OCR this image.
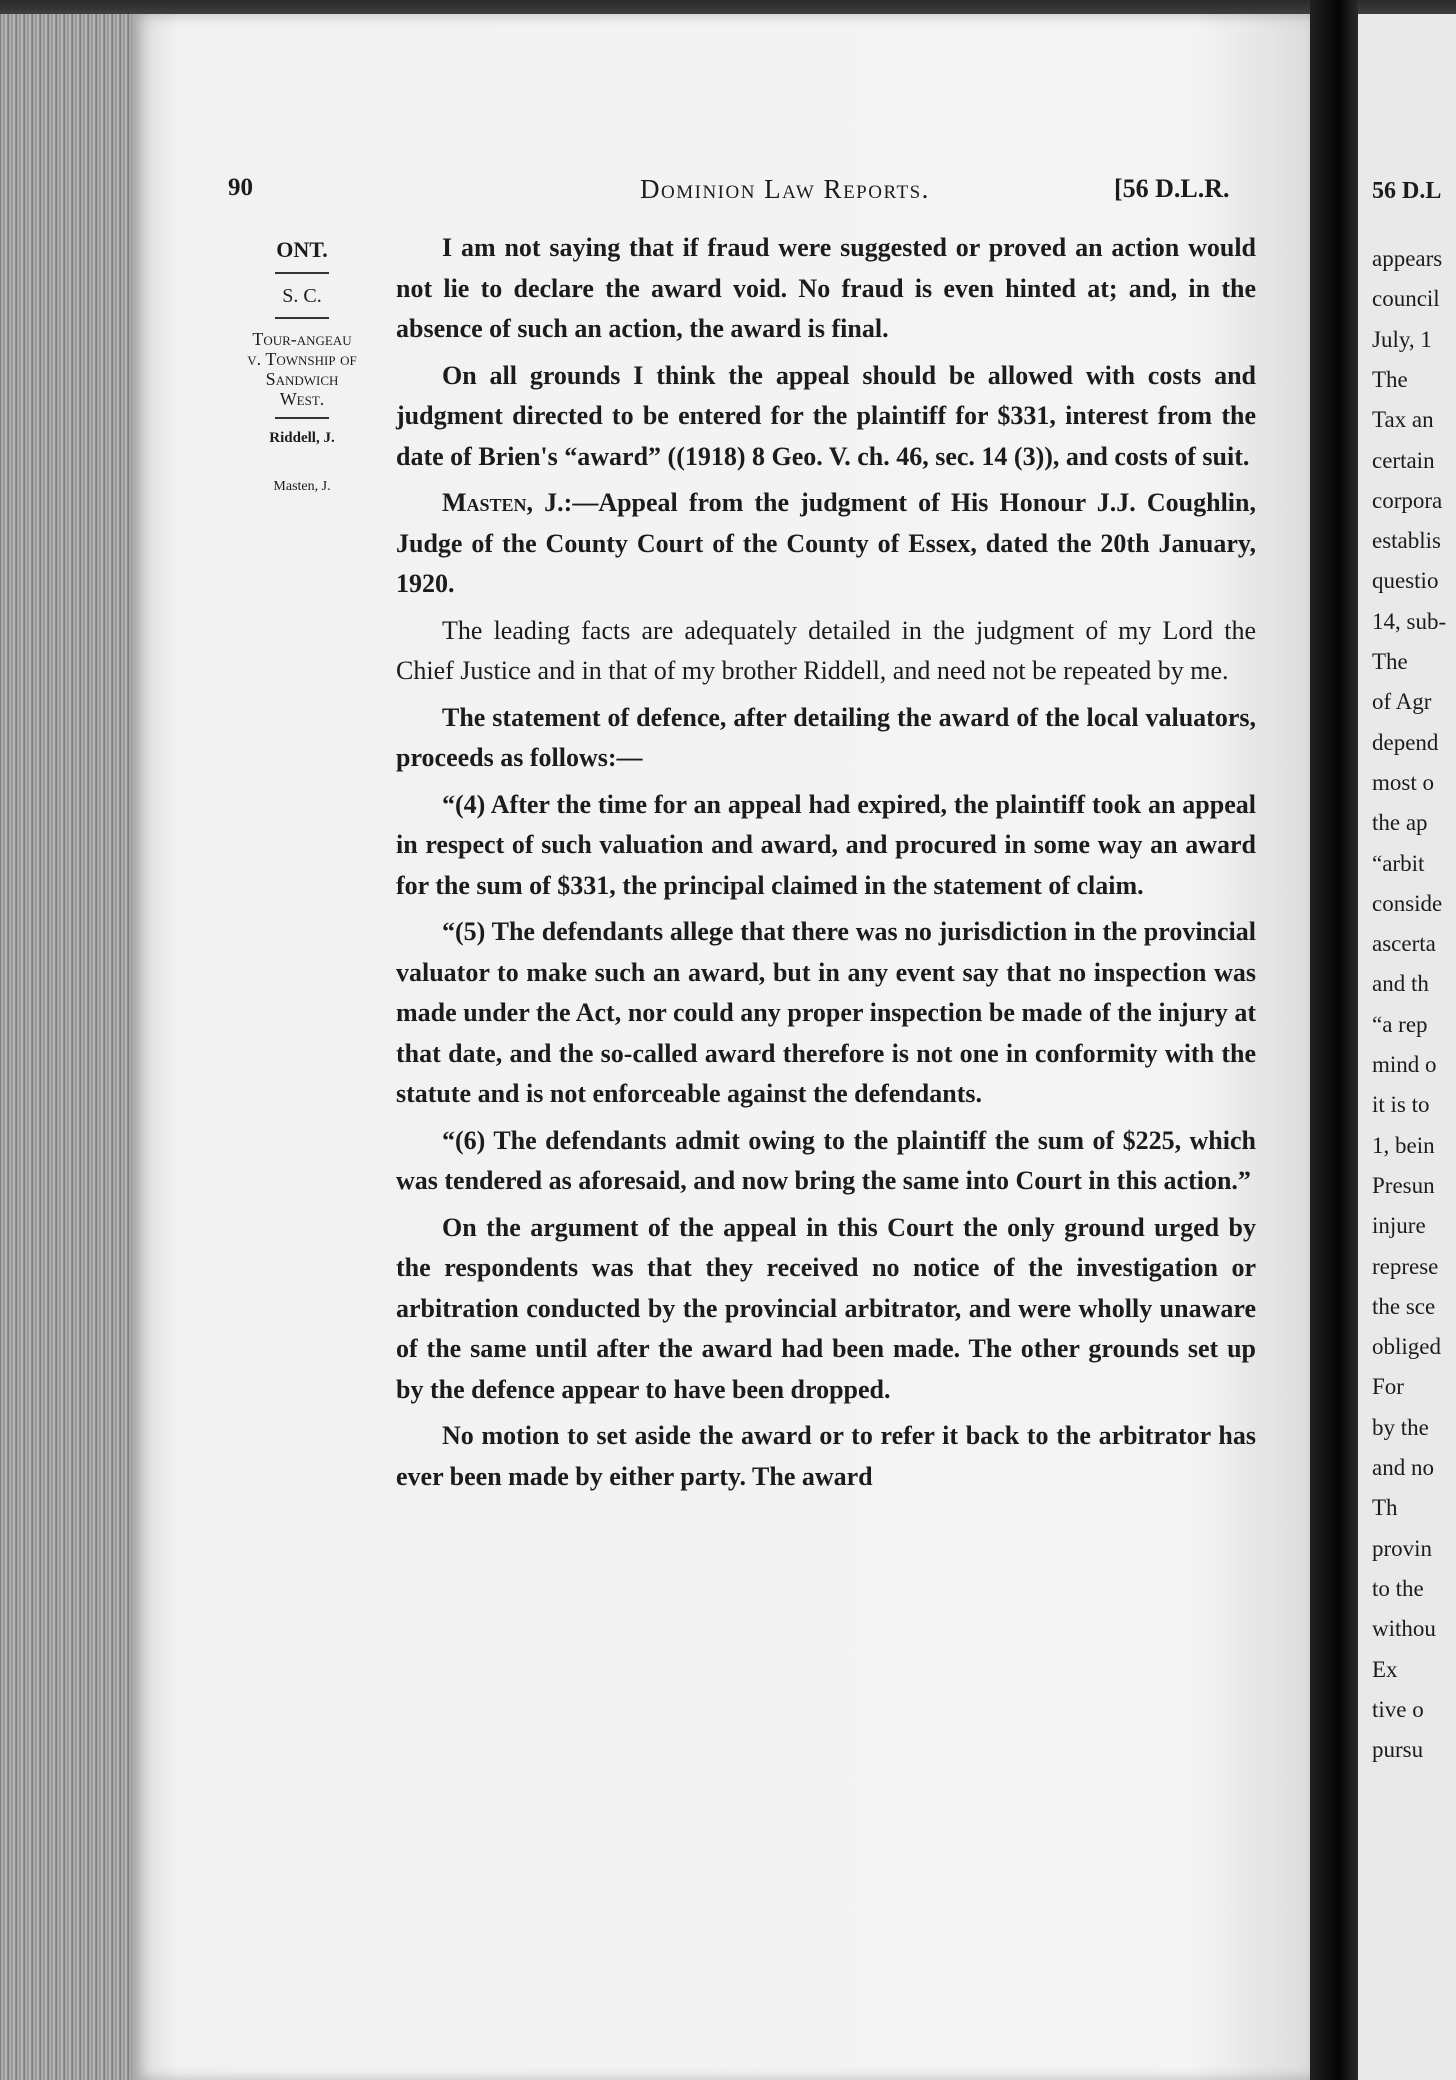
90	Dominion Law Reports.	[56 D.L.R.
ONT.
S. C.
Tour-angeau v. Township of Sandwich West.
Riddell, J.
Masten, J.

I am not saying that if fraud were suggested or proved an action would not lie to declare the award void. No fraud is even hinted at; and, in the absence of such an action, the award is final.

On all grounds I think the appeal should be allowed with costs and judgment directed to be entered for the plaintiff for $331, interest from the date of Brien's “award” ((1918) 8 Geo. V. ch. 46, sec. 14 (3)), and costs of suit.

Masten, J.:—Appeal from the judgment of His Honour J.J. Coughlin, Judge of the County Court of the County of Essex, dated the 20th January, 1920.

The leading facts are adequately detailed in the judgment of my Lord the Chief Justice and in that of my brother Riddell, and need not be repeated by me.

The statement of defence, after detailing the award of the local valuators, proceeds as follows:—

“(4) After the time for an appeal had expired, the plaintiff took an appeal in respect of such valuation and award, and procured in some way an award for the sum of $331, the principal claimed in the statement of claim.

“(5) The defendants allege that there was no jurisdiction in the provincial valuator to make such an award, but in any event say that no inspection was made under the Act, nor could any proper inspection be made of the injury at that date, and the so-called award therefore is not one in conformity with the statute and is not enforceable against the defendants.

“(6) The defendants admit owing to the plaintiff the sum of $225, which was tendered as aforesaid, and now bring the same into Court in this action.”

On the argument of the appeal in this Court the only ground urged by the respondents was that they received no notice of the investigation or arbitration conducted by the provincial arbitrator, and were wholly unaware of the same until after the award had been made. The other grounds set up by the defence appear to have been dropped.

No motion to set aside the award or to refer it back to the arbitrator has ever been made by either party. The award

56 D.L
appears
council
July, 1
The
Tax an
certain
corpora
establis
questio
14, sub-
The
of Agr
depend
most o
the ap
“arbit
conside
ascerta
and th
“a rep
mind o
it is to
1, bein
Presun
injure
represe
the sce
obliged
For
by the
and no
Th
provin
to the
withou
Ex
tive o
pursu
